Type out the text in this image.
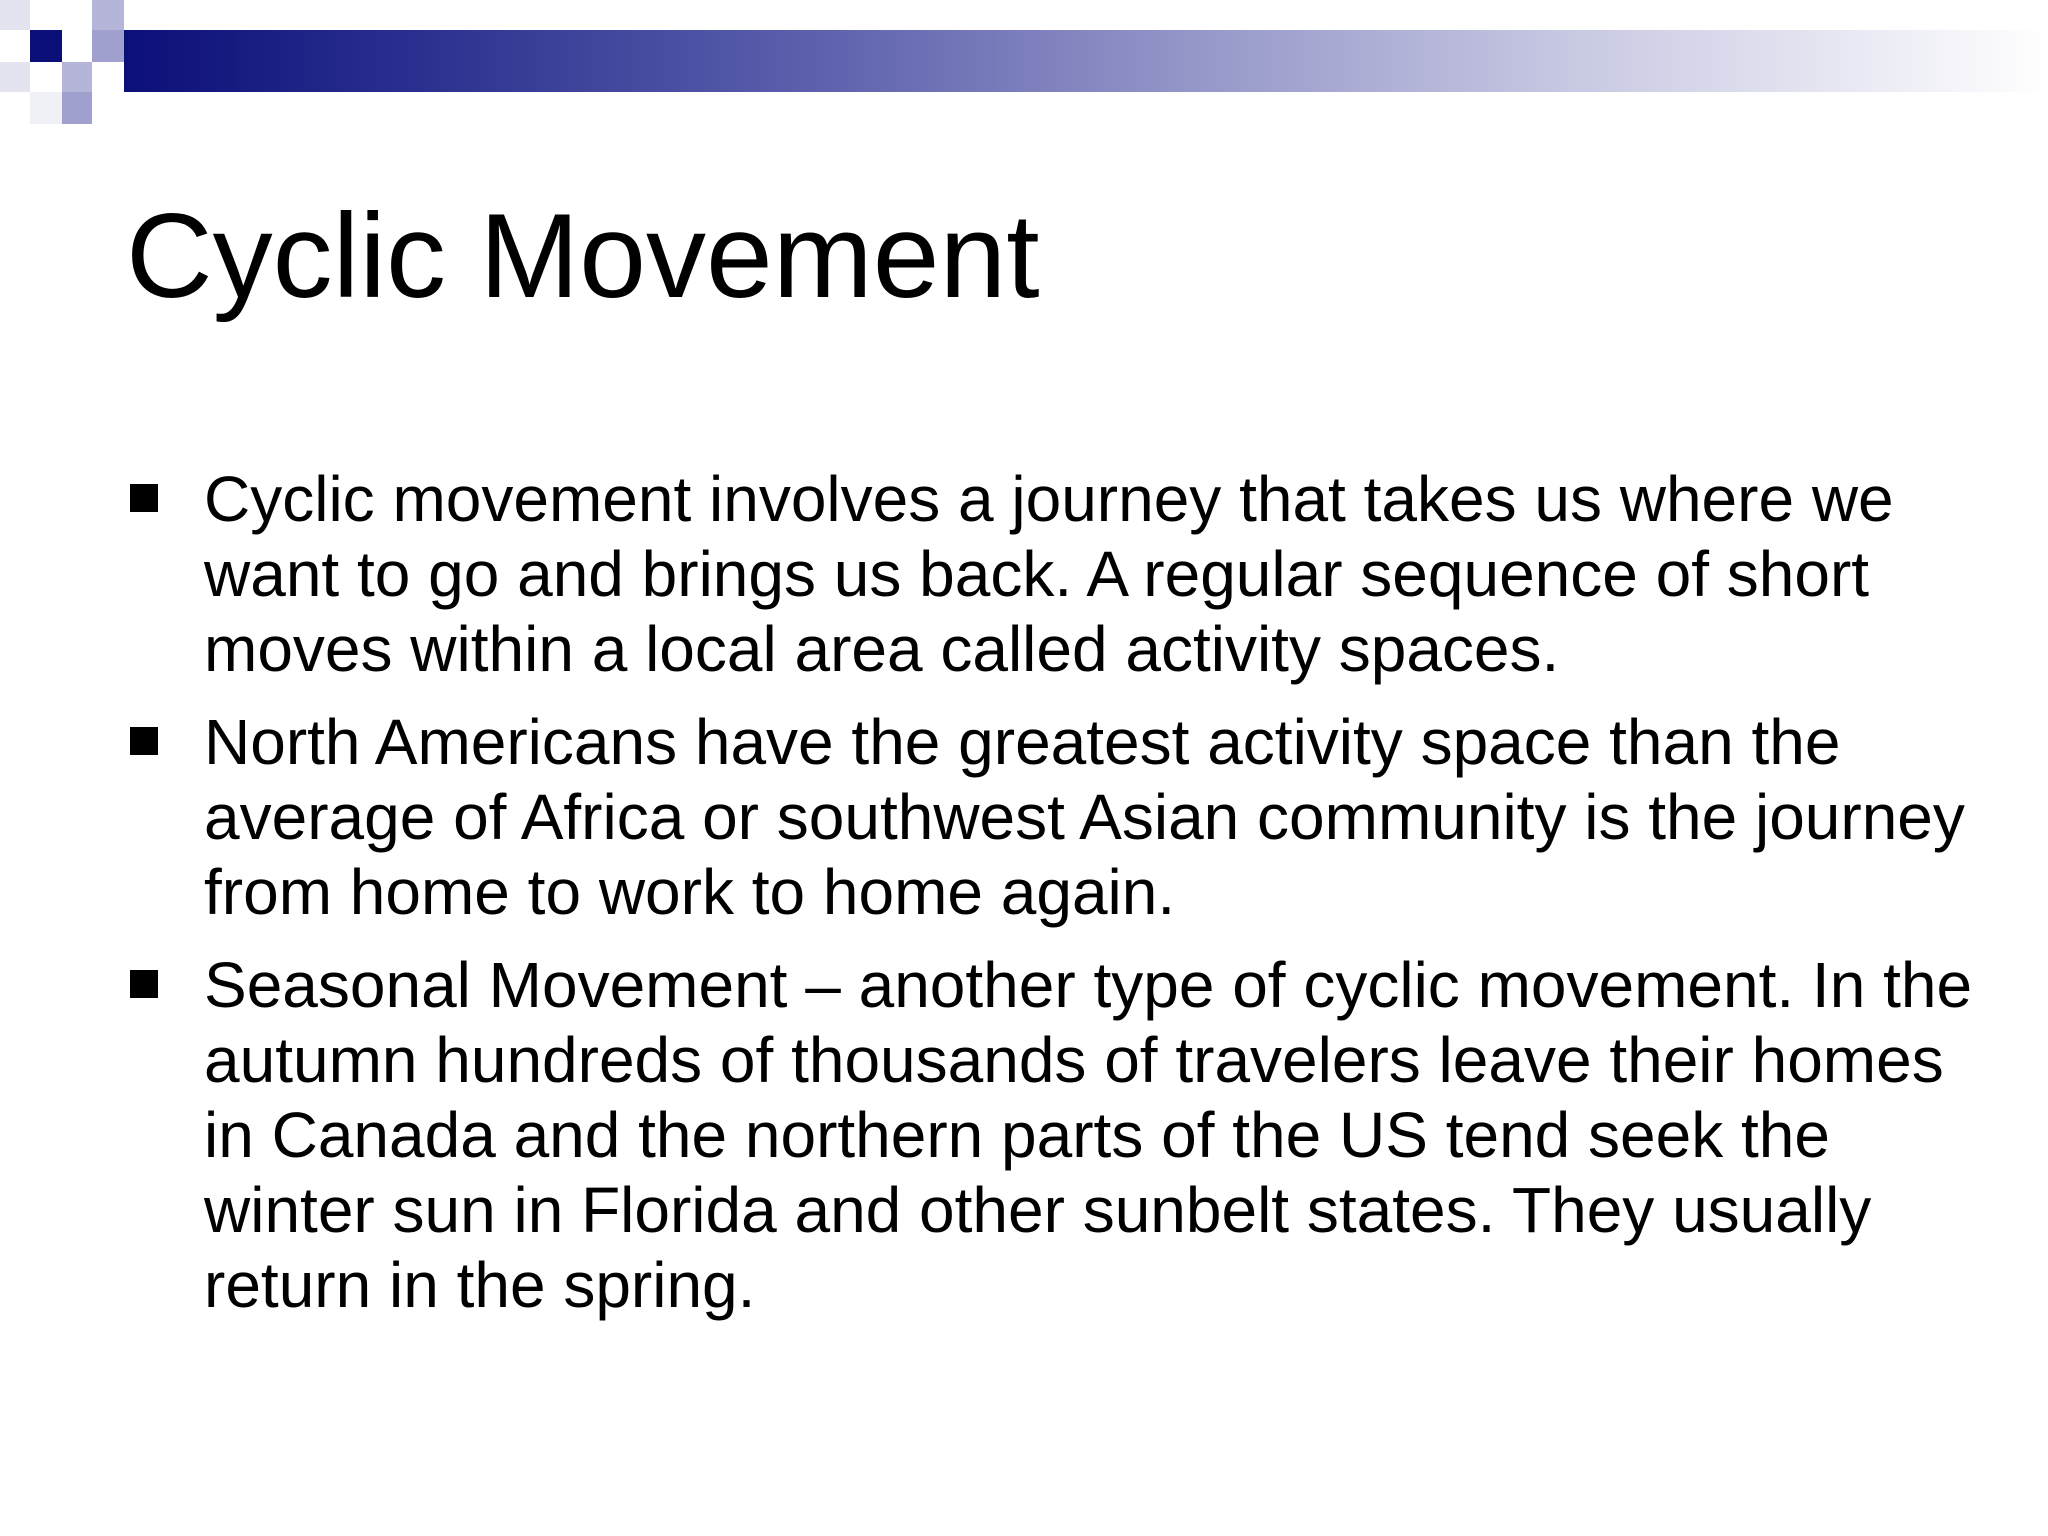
Cyclic Movement
Cyclic movement involves a journey that takes us where we want to go and brings us back. A regular sequence of short moves within a local area called activity spaces.
North Americans have the greatest activity space than the average of Africa or southwest Asian community is the journey from home to work to home again.
Seasonal Movement – another type of cyclic movement. In the autumn hundreds of thousands of travelers leave their homes in Canada and the northern parts of the US tend seek the winter sun in Florida and other sunbelt states. They usually return in the spring.
